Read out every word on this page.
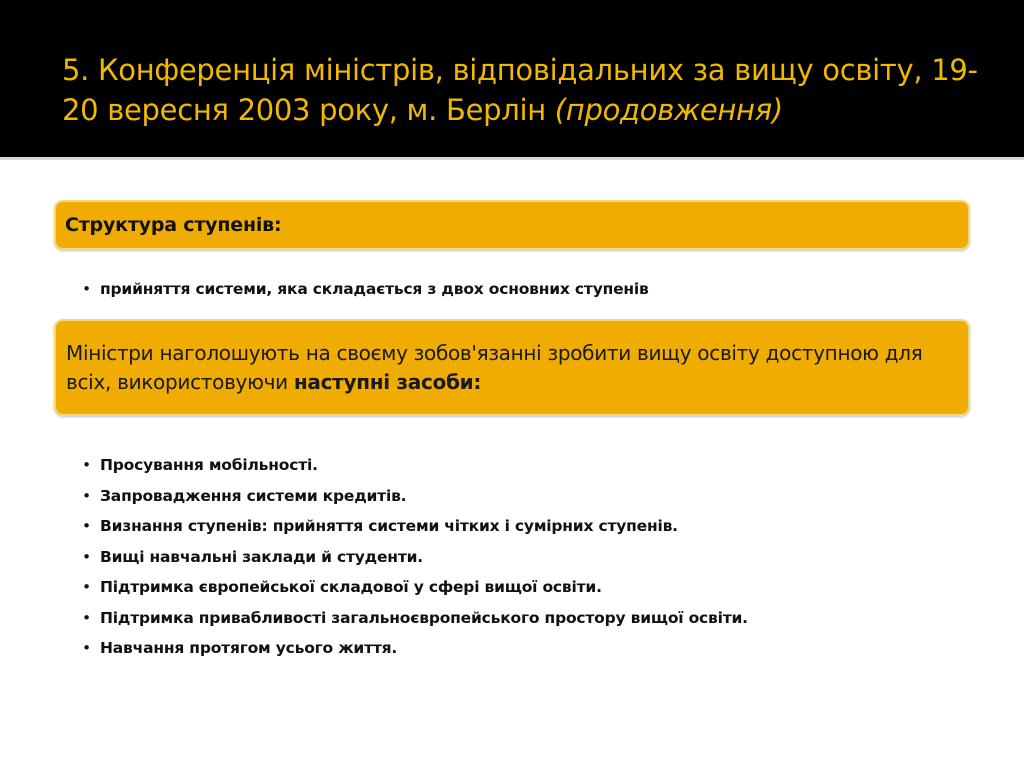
5. Конференція міністрів, відповідальних за вищу освіту, 19-20 вересня 2003 року, м. Берлін (продовження)
Структура ступенів:
• прийняття системи, яка складається з двох основних ступенів
Міністри наголошують на своєму зобов'язанні зробити вищу освіту доступною для всіх, використовуючи наступні засоби:
• Просування мобільності.
• Запровадження системи кредитів.
• Визнання ступенів: прийняття системи чітких і сумірних ступенів.
• Вищі навчальні заклади й студенти.
• Підтримка європейської складової у сфері вищої освіти.
• Підтримка привабливості загальноєвропейського простору вищої освіти.
• Навчання протягом усього життя.
